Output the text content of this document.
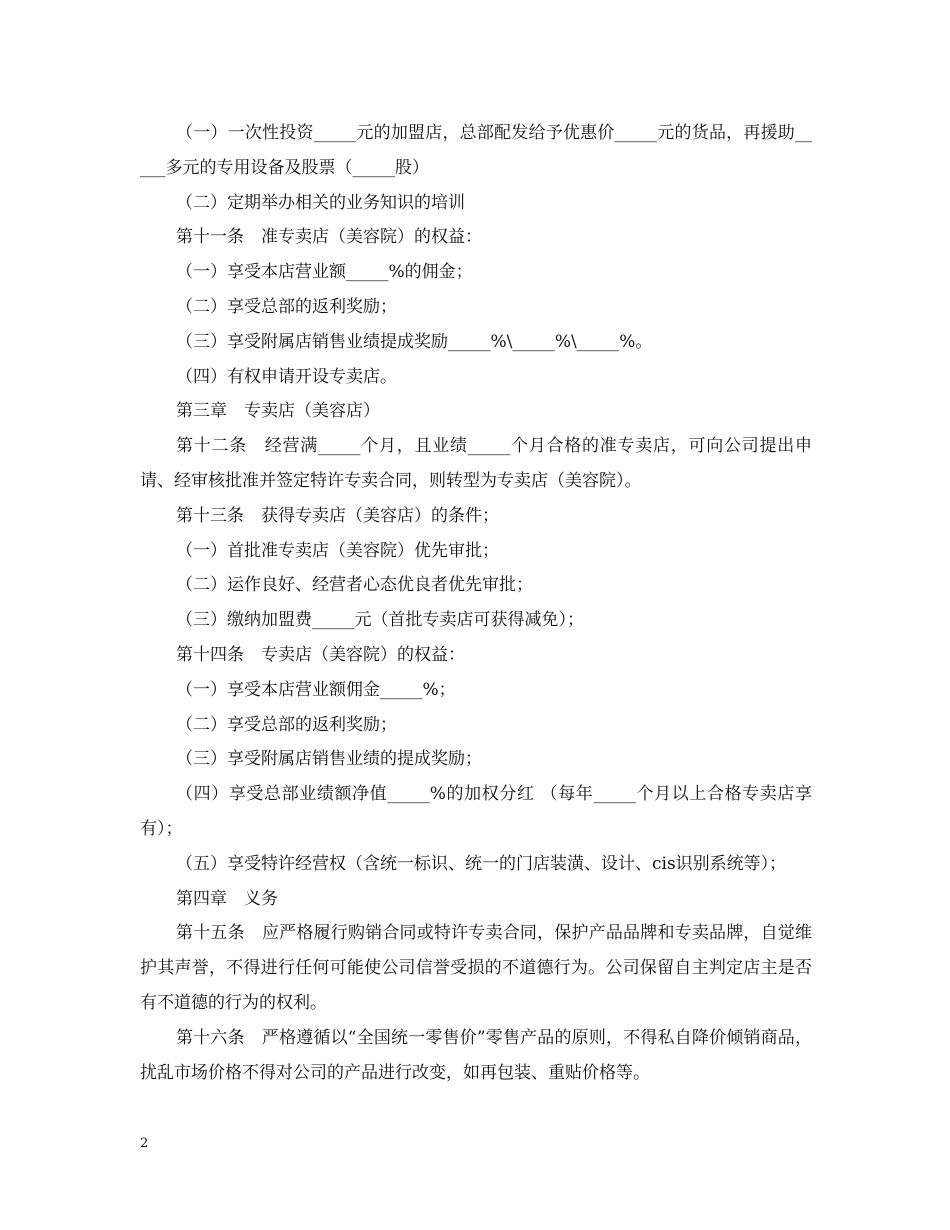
（一）一次性投资_____元的加盟店，总部配发给予优惠价_____元的货品，再援助_____多元的专用设备及股票（_____股）

（二）定期举办相关的业务知识的培训

第十一条　准专卖店（美容院）的权益：

（一）享受本店营业额_____%的佣金；

（二）享受总部的返利奖励；

（三）享受附属店销售业绩提成奖励_____%\_____%\_____%。

（四）有权申请开设专卖店。

第三章　专卖店（美容店）

第十二条　经营满_____个月，且业绩_____个月合格的准专卖店，可向公司提出申请、经审核批准并签定特许专卖合同，则转型为专卖店（美容院）。

第十三条　获得专卖店（美容店）的条件；

（一）首批准专卖店（美容院）优先审批；

（二）运作良好、经营者心态优良者优先审批；

（三）缴纳加盟费_____元（首批专卖店可获得减免）；

第十四条　专卖店（美容院）的权益：

（一）享受本店营业额佣金_____%；

（二）享受总部的返利奖励；

（三）享受附属店销售业绩的提成奖励；

（四）享受总部业绩额净值_____%的加权分红 （每年_____个月以上合格专卖店享有）；

（五）享受特许经营权（含统一标识、统一的门店装潢、设计、cis识别系统等）；

第四章　义务

第十五条　应严格履行购销合同或特许专卖合同，保护产品品牌和专卖品牌，自觉维护其声誉，不得进行任何可能使公司信誉受损的不道德行为。公司保留自主判定店主是否有不道德的行为的权利。

第十六条　严格遵循以“全国统一零售价”零售产品的原则，不得私自降价倾销商品，扰乱市场价格不得对公司的产品进行改变，如再包装、重贴价格等。

2
